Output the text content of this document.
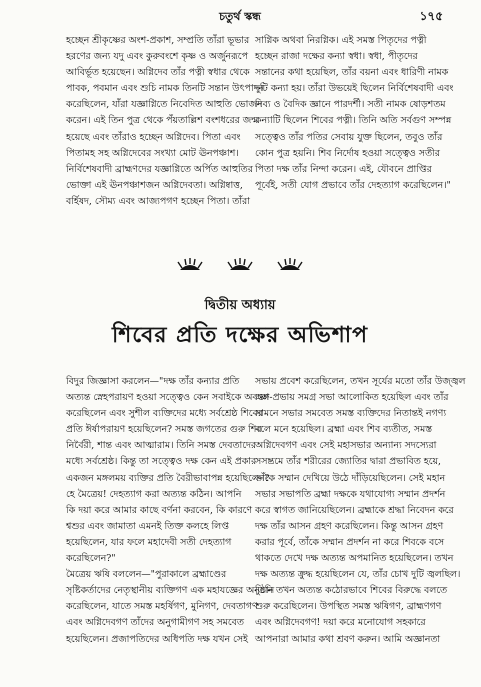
চতুর্থ স্কন্ধ	১৭৫
হচ্ছেন শ্রীকৃষ্ণের অংশ-প্রকাশ, সম্প্রতি তাঁরা ভূভার
হরণের জন্য যদু এবং কুরুবংশে কৃষ্ণ ও অর্জুনরূপে
আবির্ভূত হয়েছেন। অগ্নিদেব তাঁর পত্নী স্বধার থেকে
পাবক, পবমান এবং শুচি নামক তিনটি সন্তান উৎপাদন
করেছিলেন, যাঁরা যজ্ঞাগ্নিতে নিবেদিত আহুতি ভোজন
করেন। এই তিন পুত্র থেকে পঁয়তাল্লিশ বংশধরের জন্ম
হয়েছে এবং তাঁরাও হচ্ছেন অগ্নিদেব। পিতা এবং
পিতামহ সহ অগ্নিদেবের সংখ্যা মোট ঊনপঞ্চাশ।
নির্বিশেষবাদী ব্রাহ্মণদের যজ্ঞাগ্নিতে অর্পিত আহুতির
ভোক্তা এই ঊনপঞ্চাশজন অগ্নিদেবতা। অগ্নিষ্বাত্ত,
বর্হিষদ, সৌম্য এবং আজ্যপগণ হচ্ছেন পিতা। তাঁরা
সাগ্নিক অথবা নিরগ্নিক। এই সমস্ত পিতৃদের পত্নী
হচ্ছেন রাজা দক্ষের কন্যা স্বধা। স্বধা, পীতৃদের
সন্তানের কথা হয়েছিল, তাঁর বয়না এবং ধারিণী নামক
দুটি কন্যা হয়। তাঁরা উভয়েই ছিলেন নির্বিশেষবাদী এবং
দিব্য ও বৈদিক জ্ঞানে পারদর্শী। সতী নামক ষোড়শতম
কন্যাটি ছিলেন শিবের পত্নী। তিনি অতি সর্বগুণ সম্পন্ন
সত্ত্বেও তাঁর পতির সেবায় যুক্ত ছিলেন, তবুও তাঁর
কোন পুত্র হয়নি। শিব নির্দোষ হওয়া সত্ত্বেও সতীর
পিতা দক্ষ তাঁর নিন্দা করেন। এই, যৌবনে প্রাপ্তির
পূর্বেই, সতী যোগ প্রভাবে তাঁর দেহত্যাগ করেছিলেন।"
দ্বিতীয় অধ্যায়
শিবের প্রতি দক্ষের অভিশাপ
বিদুর জিজ্ঞাসা করলেন—"দক্ষ তাঁর কন্যার প্রতি
অত্যন্ত স্নেহপরায়ণ হওয়া সত্ত্বেও কেন সবাইকে অবজ্ঞা
করেছিলেন এবং সুশীল ব্যক্তিদের মধ্যে সর্বশ্রেষ্ঠ শিবের
প্রতি ঈর্ষাপরায়ণ হয়েছিলেন? সমস্ত জগতের গুরু শিব
নির্বৈরী, শান্ত এবং আত্মারাম। তিনি সমস্ত দেবতাদের
মধ্যে সর্বশ্রেষ্ঠ। কিন্তু তা সত্ত্বেও দক্ষ কেন এই প্রকার
একজন মঙ্গলময় ব্যক্তির প্রতি বৈরীভাবাপন্ন হয়েছিলেন?
হে মৈত্রেয়! দেহত্যাগ করা অত্যন্ত কঠিন। আপনি
কি দয়া করে আমার কাছে বর্ণনা করবেন, কি কারণে
শ্বশুর এবং জামাতা এমনই তিক্ত কলহে লিপ্ত
হয়েছিলেন, যার ফলে মহাদেবী সতী দেহত্যাগ
করেছিলেন?"
মৈত্রেয় ঋষি বললেন—"পুরাকালে ব্রহ্মাণ্ডের
সৃষ্টিকর্তাদের নেতৃস্থানীয় ব্যক্তিগণ এক মহাযজ্ঞের অনুষ্ঠান
করেছিলেন, যাতে সমস্ত মহর্ষিগণ, মুনিগণ, দেবতাগণ
এবং অগ্নিদেবগণ তাঁদের অনুগামীগণ সহ সমবেত
হয়েছিলেন। প্রজাপতিদের অধিপতি দক্ষ যখন সেই
সভায় প্রবেশ করেছিলেন, তখন সূর্যের মতো তাঁর উজ্জ্বল
অঙ্গ-প্রভায় সমগ্র সভা আলোকিত হয়েছিল এবং তাঁর
সামনে সভার সমবেত সমস্ত ব্যক্তিদের নিতান্তই নগণ্য
বলে মনে হয়েছিল। ব্রহ্মা এবং শিব ব্যতীত, সমস্ত
অগ্নিদেবগণ এবং সেই মহাসভার অন্যান্য সদস্যেরা
সসম্ভ্রমে তাঁর শরীরের জ্যোতির দ্বারা প্রভাবিত হয়ে,
তাঁকে সম্মান দেখিয়ে উঠে দাঁড়িয়েছিলেন। সেই মহান
সভার সভাপতি ব্রহ্মা দক্ষকে যথাযোগ্য সম্মান প্রদর্শন
করে স্বাগত জানিয়েছিলেন। ব্রহ্মাকে শ্রদ্ধা নিবেদন করে
দক্ষ তাঁর আসন গ্রহণ করেছিলেন। কিন্তু আসন গ্রহণ
করার পূর্বে, তাঁকে সম্মান প্রদর্শন না করে শিবকে বসে
থাকতে দেখে দক্ষ অত্যন্ত অপমানিত হয়েছিলেন। তখন
দক্ষ অত্যন্ত ক্রুদ্ধ হয়েছিলেন যে, তাঁর চোখ দুটি জ্বলছিল।
তিনি তখন অত্যন্ত কঠোরভাবে শিবের বিরুদ্ধে বলতে
শুরু করেছিলেন। উপস্থিত সমস্ত ঋষিগণ, ব্রাহ্মণগণ
এবং অগ্নিদেবগণ! দয়া করে মনোযোগ সহকারে
আপনারা আমার কথা শ্রবণ করুন। আমি অজ্ঞানতা
